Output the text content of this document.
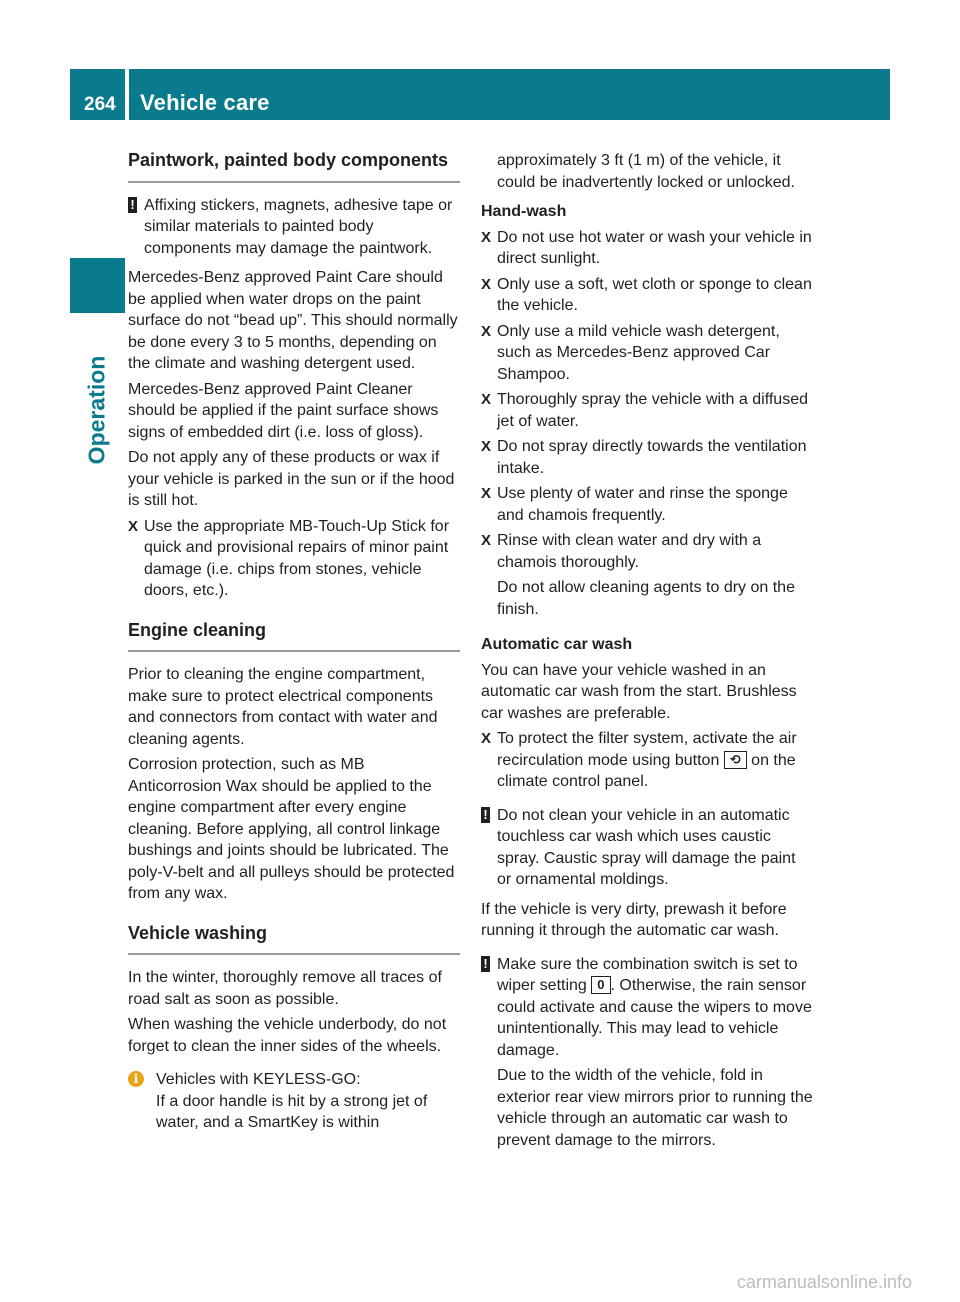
264 Vehicle care
Operation
Paintwork, painted body components
! Affixing stickers, magnets, adhesive tape or similar materials to painted body components may damage the paintwork.

Mercedes-Benz approved Paint Care should be applied when water drops on the paint surface do not “bead up”. This should normally be done every 3 to 5 months, depending on the climate and washing detergent used.

Mercedes-Benz approved Paint Cleaner should be applied if the paint surface shows signs of embedded dirt (i.e. loss of gloss).

Do not apply any of these products or wax if your vehicle is parked in the sun or if the hood is still hot.

X Use the appropriate MB-Touch-Up Stick for quick and provisional repairs of minor paint damage (i.e. chips from stones, vehicle doors, etc.).
Engine cleaning

Prior to cleaning the engine compartment, make sure to protect electrical components and connectors from contact with water and cleaning agents.

Corrosion protection, such as MB Anticorrosion Wax should be applied to the engine compartment after every engine cleaning. Before applying, all control linkage bushings and joints should be lubricated. The poly-V-belt and all pulleys should be protected from any wax.

Vehicle washing

In the winter, thoroughly remove all traces of road salt as soon as possible.

When washing the vehicle underbody, do not forget to clean the inner sides of the wheels.

i	Vehicles with KEYLESS-GO:
If a door handle is hit by a strong jet of water, and a SmartKey is within

approximately 3 ft (1 m) of the vehicle, it could be inadvertently locked or unlocked.

Hand-wash
X Do not use hot water or wash your vehicle in direct sunlight.
X Only use a soft, wet cloth or sponge to clean the vehicle.
X Only use a mild vehicle wash detergent, such as Mercedes-Benz approved Car Shampoo.
X Thoroughly spray the vehicle with a diffused jet of water.
X Do not spray directly towards the ventilation intake.
X Use plenty of water and rinse the sponge and chamois frequently.
X Rinse with clean water and dry with a chamois thoroughly.

Do not allow cleaning agents to dry on the finish.

Automatic car wash

You can have your vehicle washed in an automatic car wash from the start. Brushless car washes are preferable.

X To protect the filter system, activate the air recirculation mode using button ⟲ on the climate control panel.
! Do not clean your vehicle in an automatic touchless car wash which uses caustic spray. Caustic spray will damage the paint or ornamental moldings.

If the vehicle is very dirty, prewash it before running it through the automatic car wash.

! Make sure the combination switch is set to wiper setting 0 . Otherwise, the rain sensor could activate and cause the wipers to move unintentionally. This may lead to vehicle damage.
Due to the width of the vehicle, fold in exterior rear view mirrors prior to running the vehicle through an automatic car wash to prevent damage to the mirrors.
carmanualsonline.info
